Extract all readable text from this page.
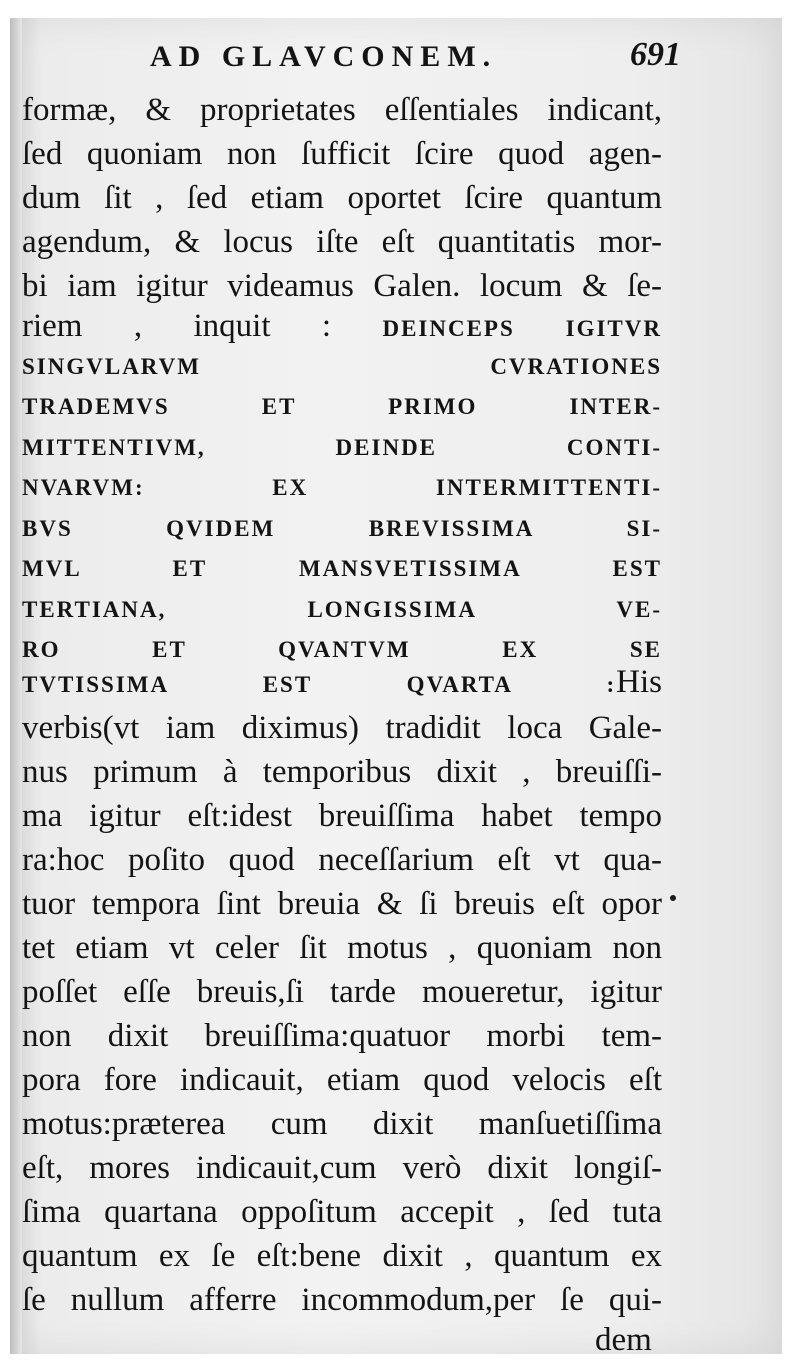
AD GLAVCONEM.	691
formæ, & proprietates eſſentiales indicant,
ſed quoniam non ſufficit ſcire quod agen-
dum ſit , ſed etiam oportet ſcire quantum
agendum, & locus iſte eſt quantitatis mor-
bi iam igitur videamus Galen. locum & ſe-
riem , inquit : DEINCEPS IGITVR
SINGVLARVM CVRATIONES
TRADEMVS ET PRIMO INTER-
MITTENTIVM, DEINDE CONTI-
NVARVM: EX INTERMITTENTI-
BVS QVIDEM BREVISSIMA SI-
MVL ET MANSVETISSIMA EST
TERTIANA, LONGISSIMA VE-
RO ET QVANTVM EX SE
TVTISSIMA EST QVARTA :His
verbis(vt iam diximus) tradidit loca Gale-
nus primum à temporibus dixit , breuiſſi-
ma igitur eſt:idest breuiſſima habet tempo
ra:hoc poſito quod neceſſarium eſt vt qua-
tuor tempora ſint breuia & ſi breuis eſt opor
tet etiam vt celer ſit motus , quoniam non
poſſet eſſe breuis,ſi tarde moueretur, igitur
non dixit breuiſſima:quatuor morbi tem-
pora fore indicauit, etiam quod velocis eſt
motus:præterea cum dixit manſuetiſſima
eſt, mores indicauit,cum verò dixit longiſ-
ſima quartana oppoſitum accepit , ſed tuta
quantum ex ſe eſt:bene dixit , quantum ex
ſe nullum afferre incommodum,per ſe qui-
dem
